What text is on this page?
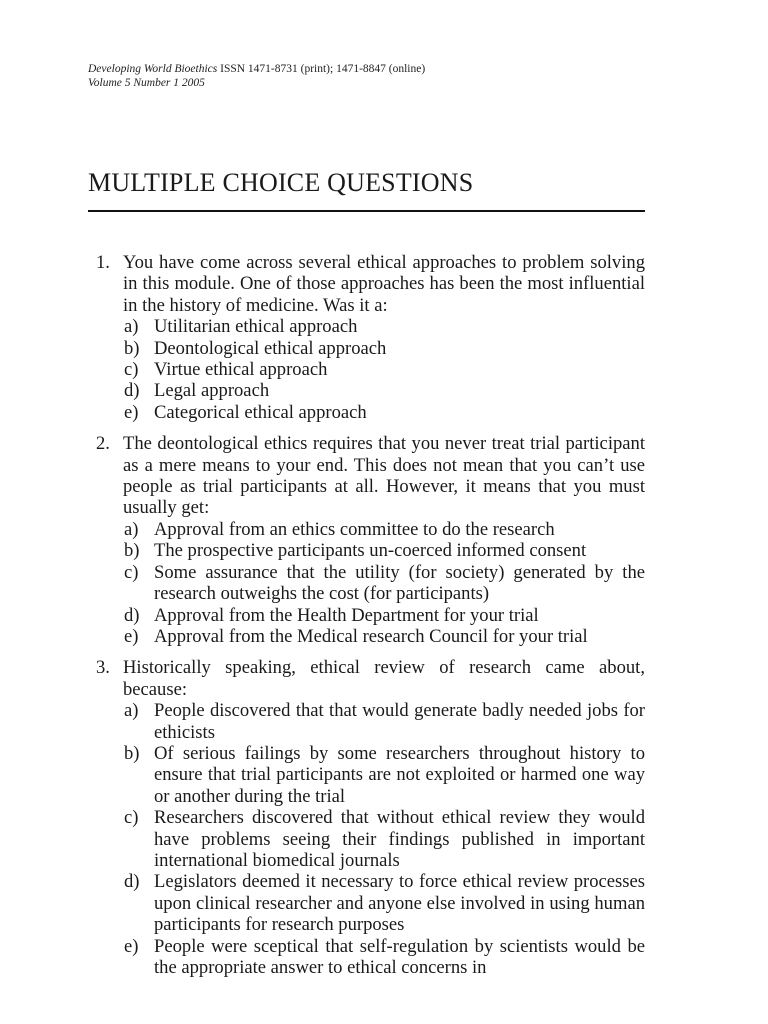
Developing World Bioethics ISSN 1471-8731 (print); 1471-8847 (online)
Volume 5 Number 1 2005
MULTIPLE CHOICE QUESTIONS
1. You have come across several ethical approaches to problem solving in this module. One of those approaches has been the most influential in the history of medicine. Was it a:
a) Utilitarian ethical approach
b) Deontological ethical approach
c) Virtue ethical approach
d) Legal approach
e) Categorical ethical approach
2. The deontological ethics requires that you never treat trial participant as a mere means to your end. This does not mean that you can’t use people as trial participants at all. However, it means that you must usually get:
a) Approval from an ethics committee to do the research
b) The prospective participants un-coerced informed consent
c) Some assurance that the utility (for society) generated by the research outweighs the cost (for participants)
d) Approval from the Health Department for your trial
e) Approval from the Medical research Council for your trial
3. Historically speaking, ethical review of research came about, because:
a) People discovered that that would generate badly needed jobs for ethicists
b) Of serious failings by some researchers throughout history to ensure that trial participants are not exploited or harmed one way or another during the trial
c) Researchers discovered that without ethical review they would have problems seeing their findings published in important international biomedical journals
d) Legislators deemed it necessary to force ethical review processes upon clinical researcher and anyone else involved in using human participants for research purposes
e) People were sceptical that self-regulation by scientists would be the appropriate answer to ethical concerns in
